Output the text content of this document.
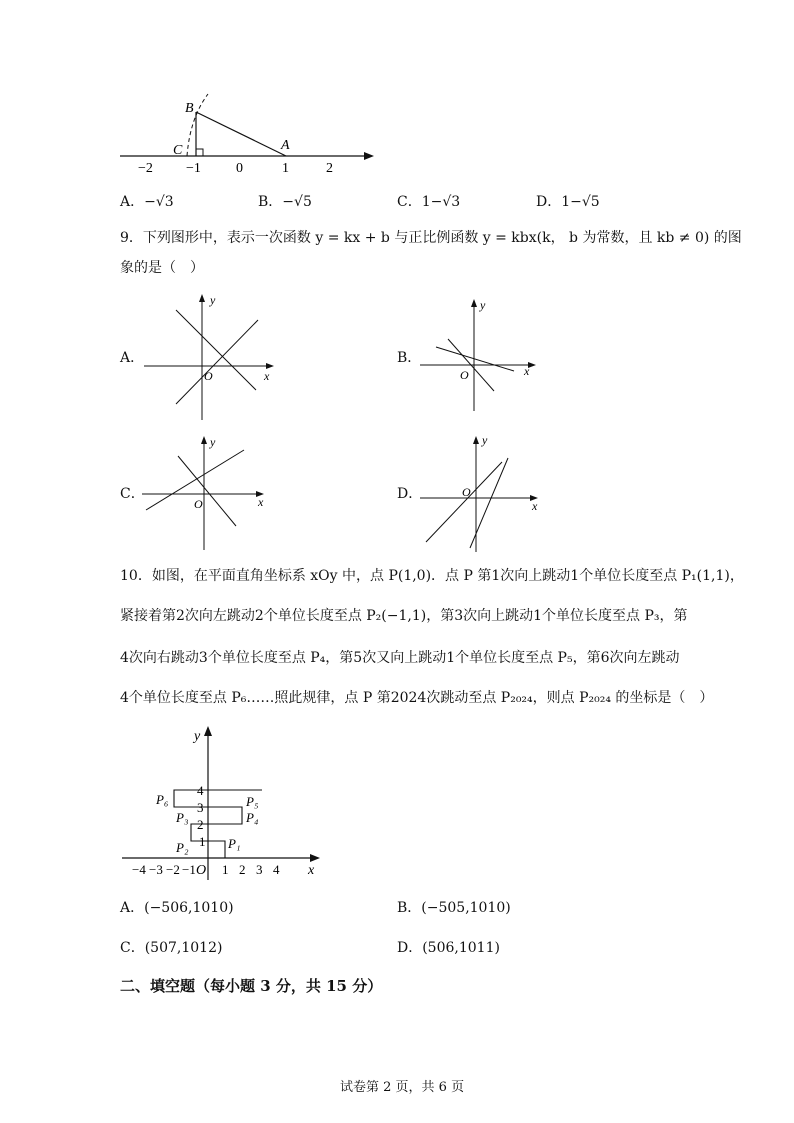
B
C	A
−2 −1	0	1	2
A．−√3	B．−√5	C．1−√3	D．1−√5
9．下列图形中，表示一次函数 y = kx + b 与正比例函数 y = kbx(k， b 为常数，且 kb ≠ 0) 的图
象的是（　）
A．
y
x
O
B．
y
x
O
C．
y
x
O
D．
y
x
O
10．如图，在平面直角坐标系 xOy 中，点 P(1,0)．点 P 第1次向上跳动1个单位长度至点 P₁(1,1)，
紧接着第2次向左跳动2个单位长度至点 P₂(−1,1)，第3次向上跳动1个单位长度至点 P₃，第
4次向右跳动3个单位长度至点 P₄，第5次又向上跳动1个单位长度至点 P₅，第6次向左跳动
4个单位长度至点 P₆……照此规律，点 P 第2024次跳动至点 P₂₀₂₄，则点 P₂₀₂₄ 的坐标是（　）
y
x
O
−4 −3 −2 −1 1 2 3 4
1
2
3
4
P₁
P₂
P₃	P₄
P₅
P₆
A．(−506,1010)	B．(−505,1010)
C．(507,1012)	D．(506,1011)
二、填空题（每小题 3 分，共 15 分）
试卷第 2 页，共 6 页
